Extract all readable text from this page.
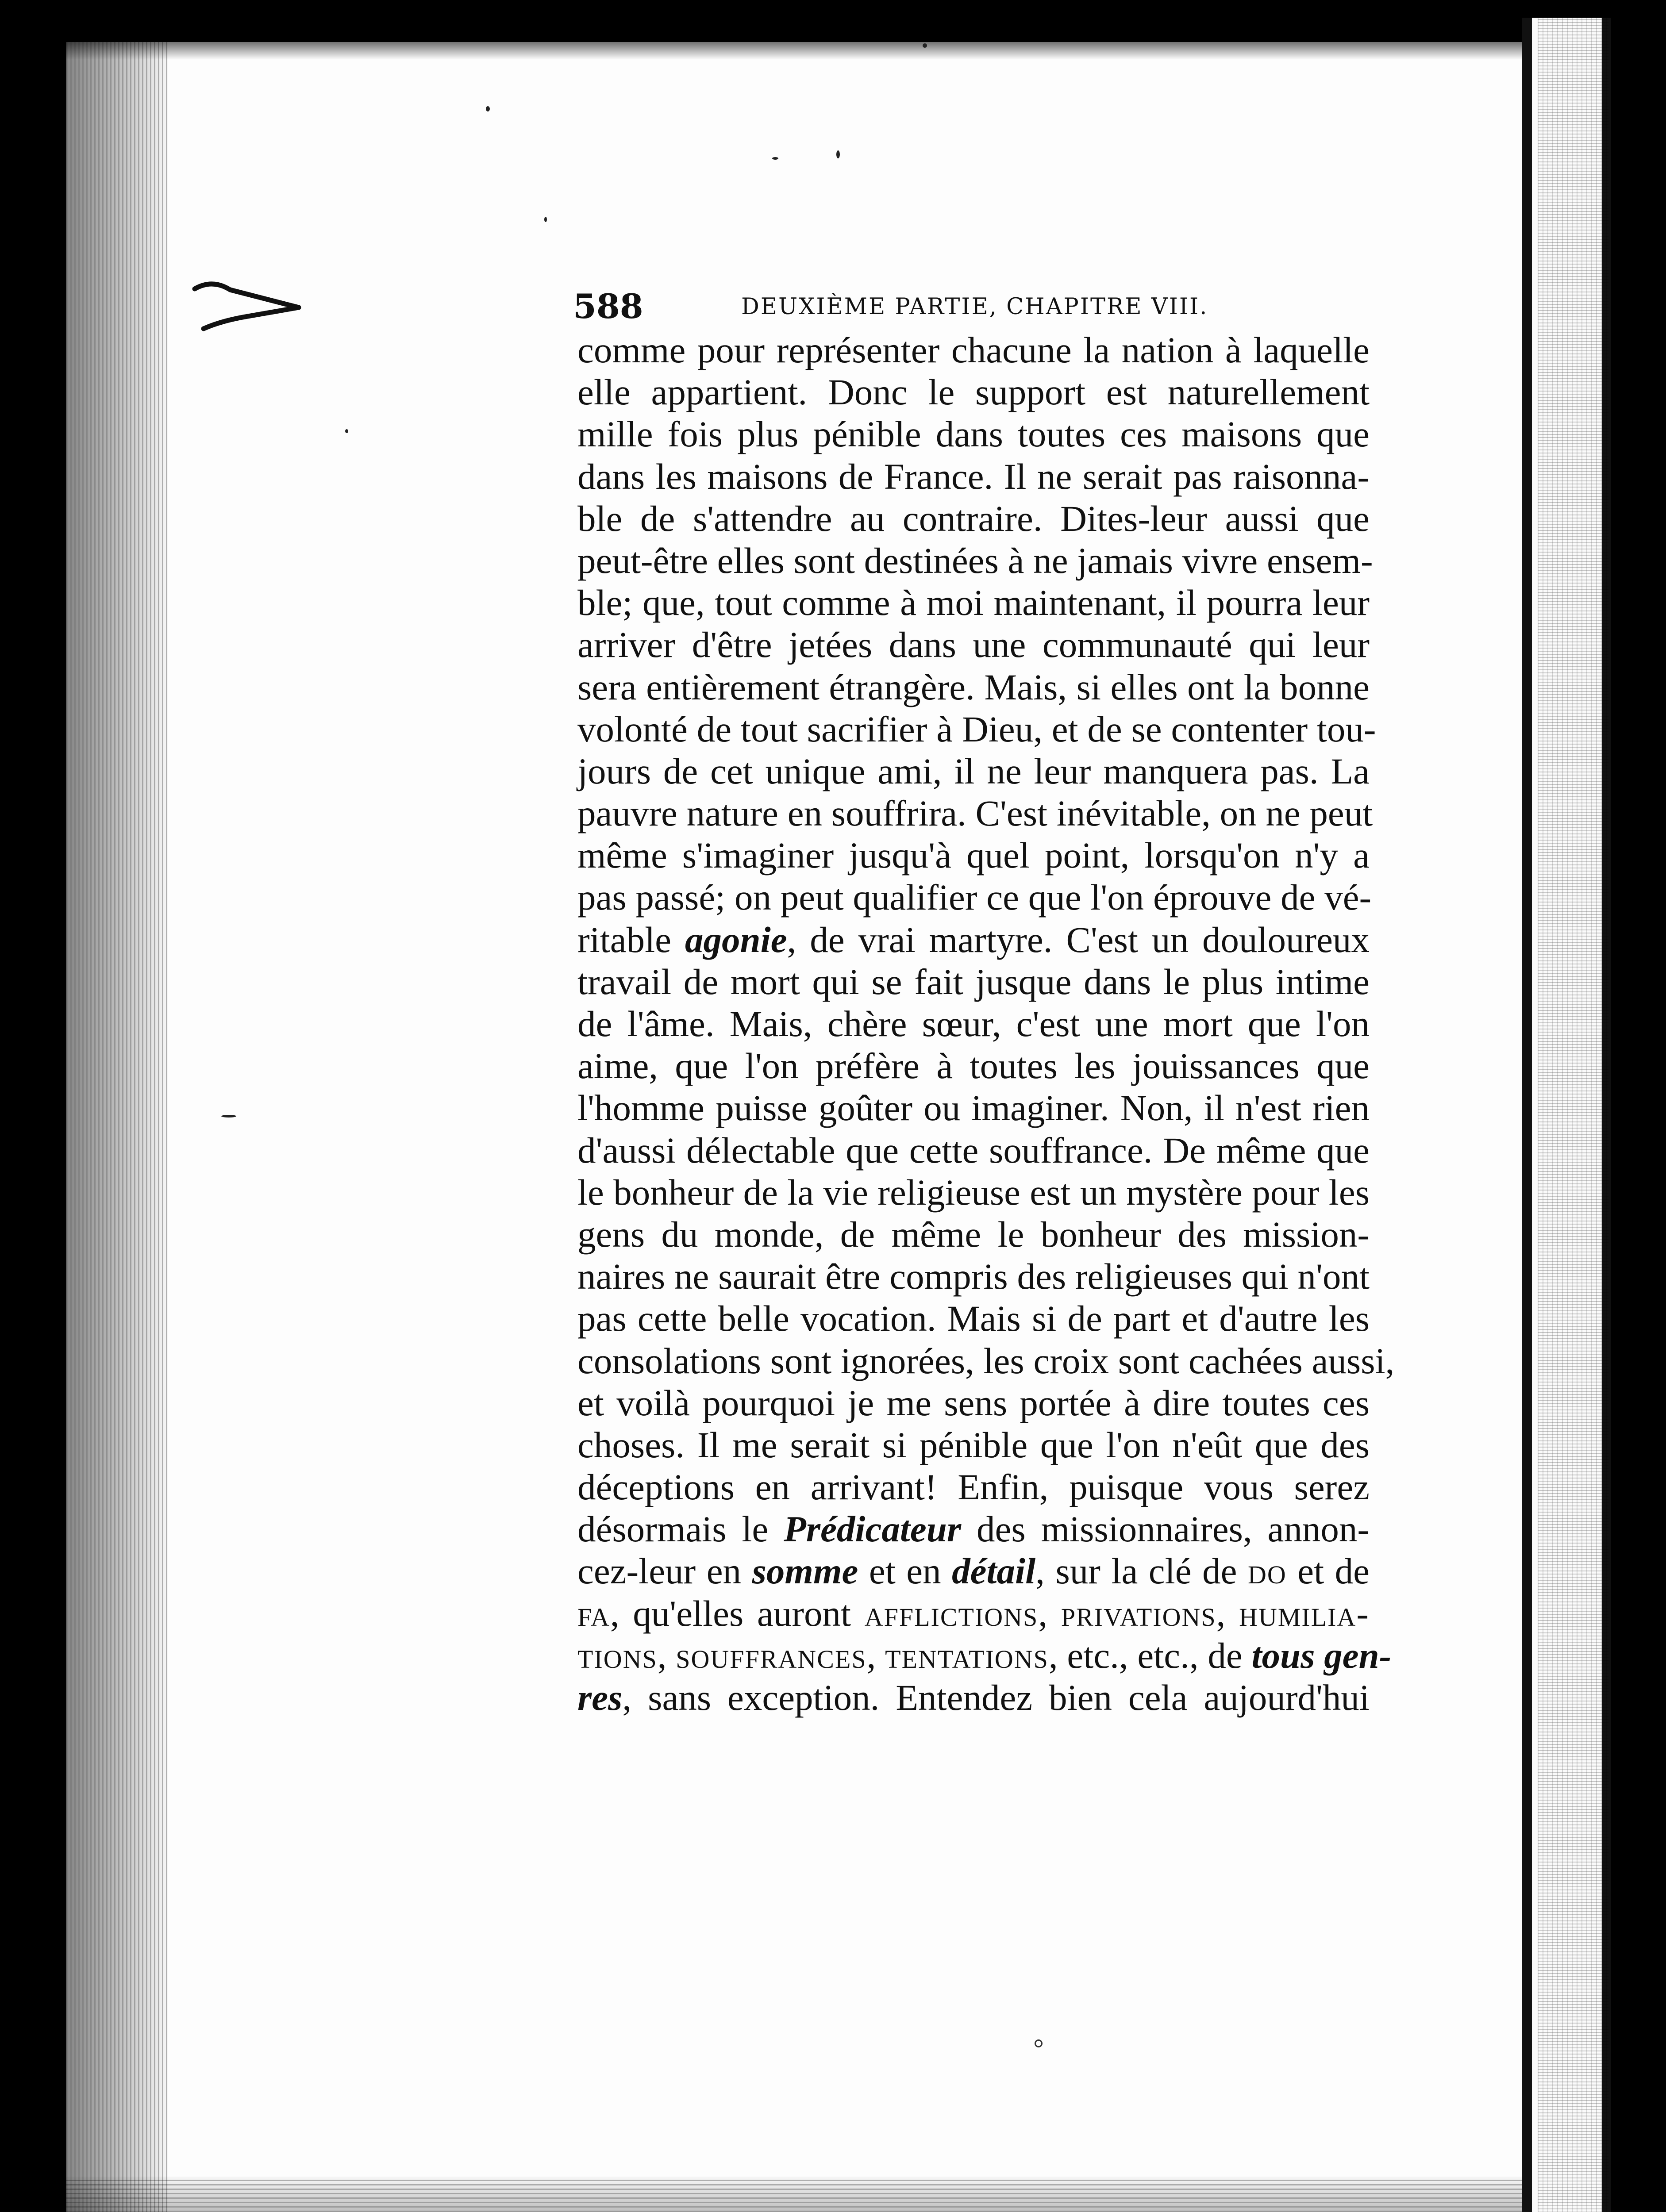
588	DEUXIÈME PARTIE, CHAPITRE VIII.
comme pour représenter chacune la nation à laquelle
elle appartient. Donc le support est naturellement
mille fois plus pénible dans toutes ces maisons que
dans les maisons de France. Il ne serait pas raisonna-
ble de s'attendre au contraire. Dites-leur aussi que
peut-être elles sont destinées à ne jamais vivre ensem-
ble; que, tout comme à moi maintenant, il pourra leur
arriver d'être jetées dans une communauté qui leur
sera entièrement étrangère. Mais, si elles ont la bonne
volonté de tout sacrifier à Dieu, et de se contenter tou-
jours de cet unique ami, il ne leur manquera pas. La
pauvre nature en souffrira. C'est inévitable, on ne peut
même s'imaginer jusqu'à quel point, lorsqu'on n'y a
pas passé; on peut qualifier ce que l'on éprouve de vé-
ritable agonie, de vrai martyre. C'est un douloureux
travail de mort qui se fait jusque dans le plus intime
de l'âme. Mais, chère sœur, c'est une mort que l'on
aime, que l'on préfère à toutes les jouissances que
l'homme puisse goûter ou imaginer. Non, il n'est rien
d'aussi délectable que cette souffrance. De même que
le bonheur de la vie religieuse est un mystère pour les
gens du monde, de même le bonheur des mission-
naires ne saurait être compris des religieuses qui n'ont
pas cette belle vocation. Mais si de part et d'autre les
consolations sont ignorées, les croix sont cachées aussi,
et voilà pourquoi je me sens portée à dire toutes ces
choses. Il me serait si pénible que l'on n'eût que des
déceptions en arrivant! Enfin, puisque vous serez
désormais le Prédicateur des missionnaires, annon-
cez-leur en somme et en détail, sur la clé de do et de
fa, qu'elles auront afflictions, privations, humilia-
tions, souffrances, tentations, etc., etc., de tous gen-
res, sans exception. Entendez bien cela aujourd'hui
